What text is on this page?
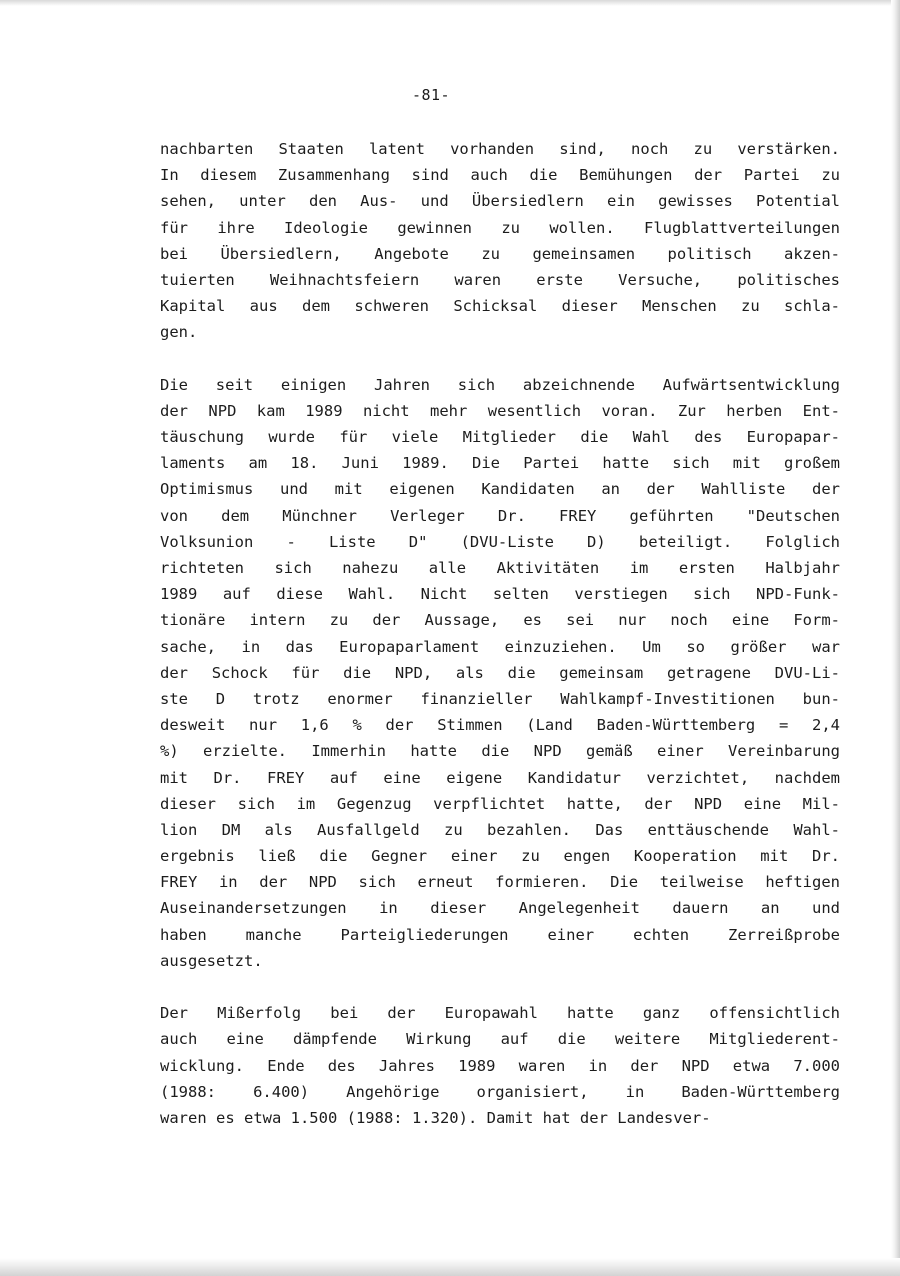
-81-
nachbarten Staaten latent vorhanden sind, noch zu verstärken.
In diesem Zusammenhang sind auch die Bemühungen der Partei zu
sehen, unter den Aus- und Übersiedlern ein gewisses Potential
für ihre Ideologie gewinnen zu wollen. Flugblattverteilungen
bei Übersiedlern, Angebote zu gemeinsamen politisch akzen-
tuierten Weihnachtsfeiern waren erste Versuche, politisches
Kapital aus dem schweren Schicksal dieser Menschen zu schla-
gen.
Die seit einigen Jahren sich abzeichnende Aufwärtsentwicklung
der NPD kam 1989 nicht mehr wesentlich voran. Zur herben Ent-
täuschung wurde für viele Mitglieder die Wahl des Europapar-
laments am 18. Juni 1989. Die Partei hatte sich mit großem
Optimismus und mit eigenen Kandidaten an der Wahlliste der
von dem Münchner Verleger Dr. FREY geführten "Deutschen
Volksunion - Liste D" (DVU-Liste D) beteiligt. Folglich
richteten sich nahezu alle Aktivitäten im ersten Halbjahr
1989 auf diese Wahl. Nicht selten verstiegen sich NPD-Funk-
tionäre intern zu der Aussage, es sei nur noch eine Form-
sache, in das Europaparlament einzuziehen. Um so größer war
der Schock für die NPD, als die gemeinsam getragene DVU-Li-
ste D trotz enormer finanzieller Wahlkampf-Investitionen bun-
desweit nur 1,6 % der Stimmen (Land Baden-Württemberg = 2,4
%) erzielte. Immerhin hatte die NPD gemäß einer Vereinbarung
mit Dr. FREY auf eine eigene Kandidatur verzichtet, nachdem
dieser sich im Gegenzug verpflichtet hatte, der NPD eine Mil-
lion DM als Ausfallgeld zu bezahlen. Das enttäuschende Wahl-
ergebnis ließ die Gegner einer zu engen Kooperation mit Dr.
FREY in der NPD sich erneut formieren. Die teilweise heftigen
Auseinandersetzungen in dieser Angelegenheit dauern an und
haben manche Parteigliederungen einer echten Zerreißprobe
ausgesetzt.
Der Mißerfolg bei der Europawahl hatte ganz offensichtlich
auch eine dämpfende Wirkung auf die weitere Mitgliederent-
wicklung. Ende des Jahres 1989 waren in der NPD etwa 7.000
(1988: 6.400) Angehörige organisiert, in Baden-Württemberg
waren es etwa 1.500 (1988: 1.320). Damit hat der Landesver-
